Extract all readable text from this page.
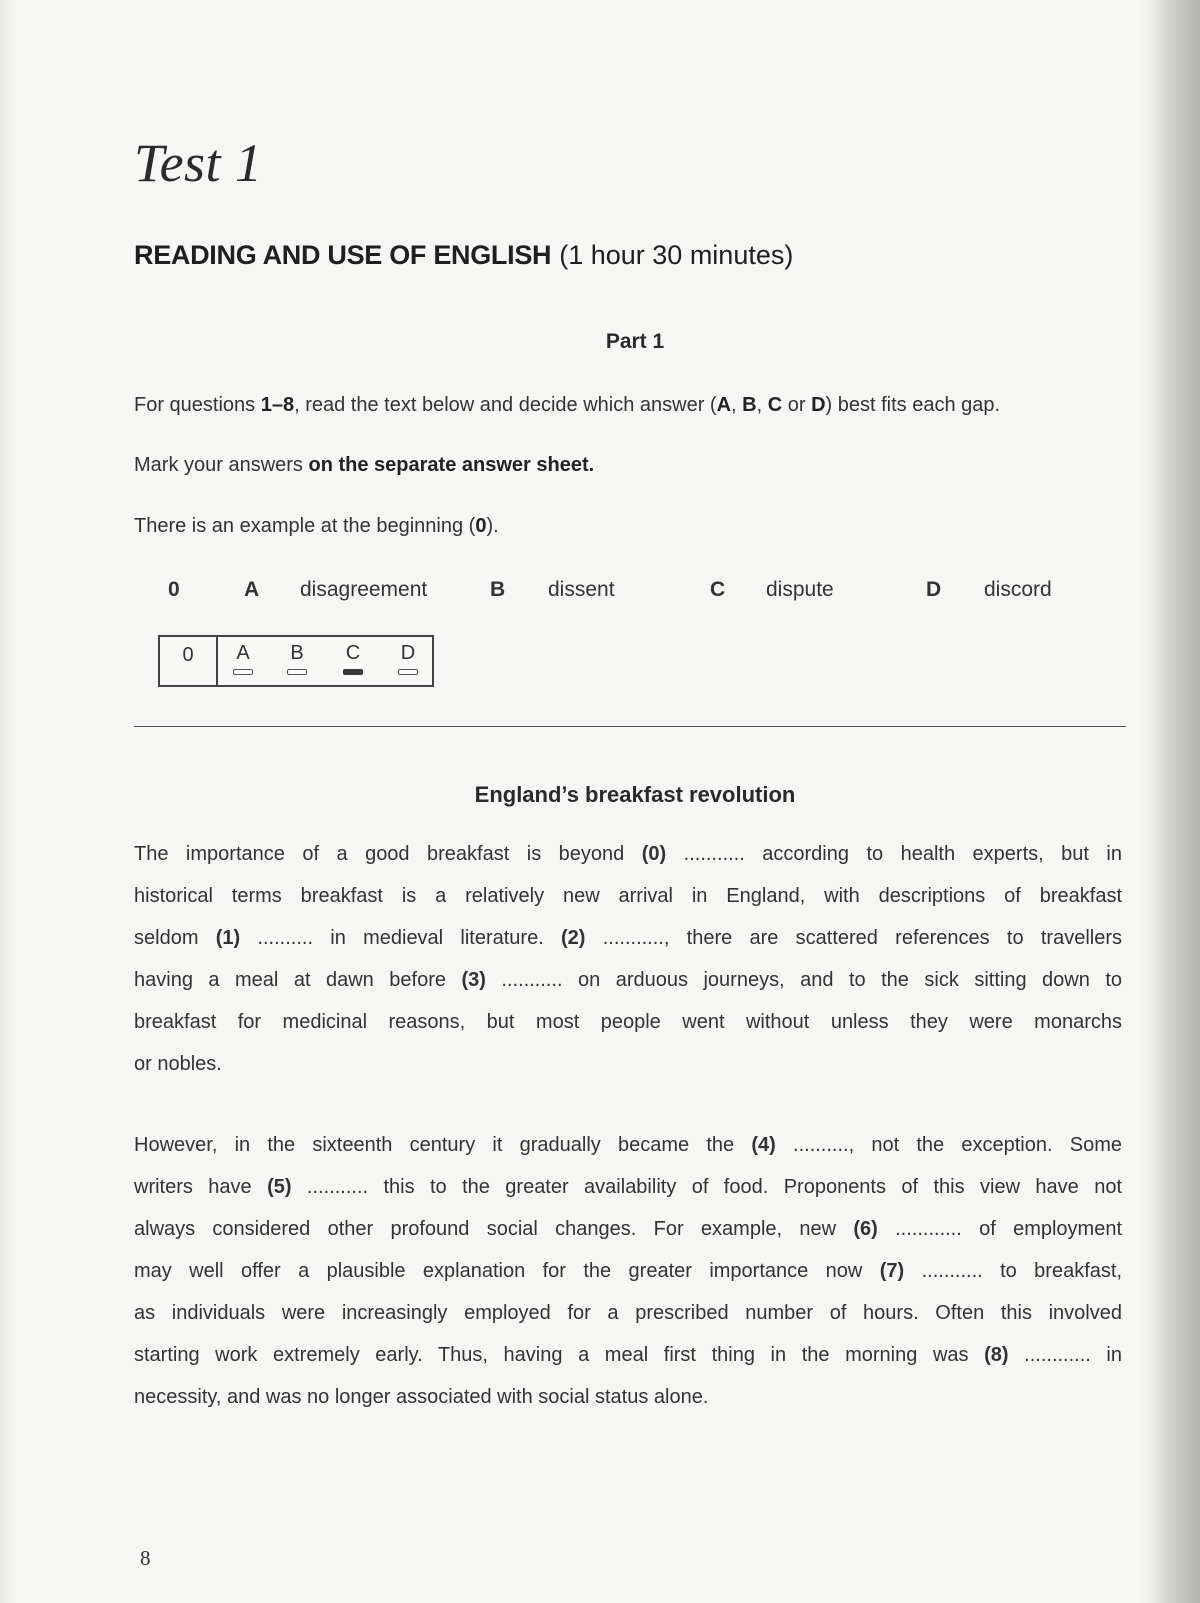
Test 1
READING AND USE OF ENGLISH (1 hour 30 minutes)
Part 1
For questions 1–8, read the text below and decide which answer (A, B, C or D) best fits each gap.
Mark your answers on the separate answer sheet.
There is an example at the beginning (0).
0	A disagreement	B dissent	C dispute	D discord
0	A	B	C	D
England’s breakfast revolution
The importance of a good breakfast is beyond (0) ........... according to health experts, but in
historical terms breakfast is a relatively new arrival in England, with descriptions of breakfast
seldom (1) .......... in medieval literature. (2) ..........., there are scattered references to travellers
having a meal at dawn before (3) ........... on arduous journeys, and to the sick sitting down to
breakfast for medicinal reasons, but most people went without unless they were monarchs
or nobles.
However, in the sixteenth century it gradually became the (4) .........., not the exception. Some
writers have (5) ........... this to the greater availability of food. Proponents of this view have not
always considered other profound social changes. For example, new (6) ............ of employment
may well offer a plausible explanation for the greater importance now (7) ........... to breakfast,
as individuals were increasingly employed for a prescribed number of hours. Often this involved
starting work extremely early. Thus, having a meal first thing in the morning was (8) ............ in
necessity, and was no longer associated with social status alone.
8
